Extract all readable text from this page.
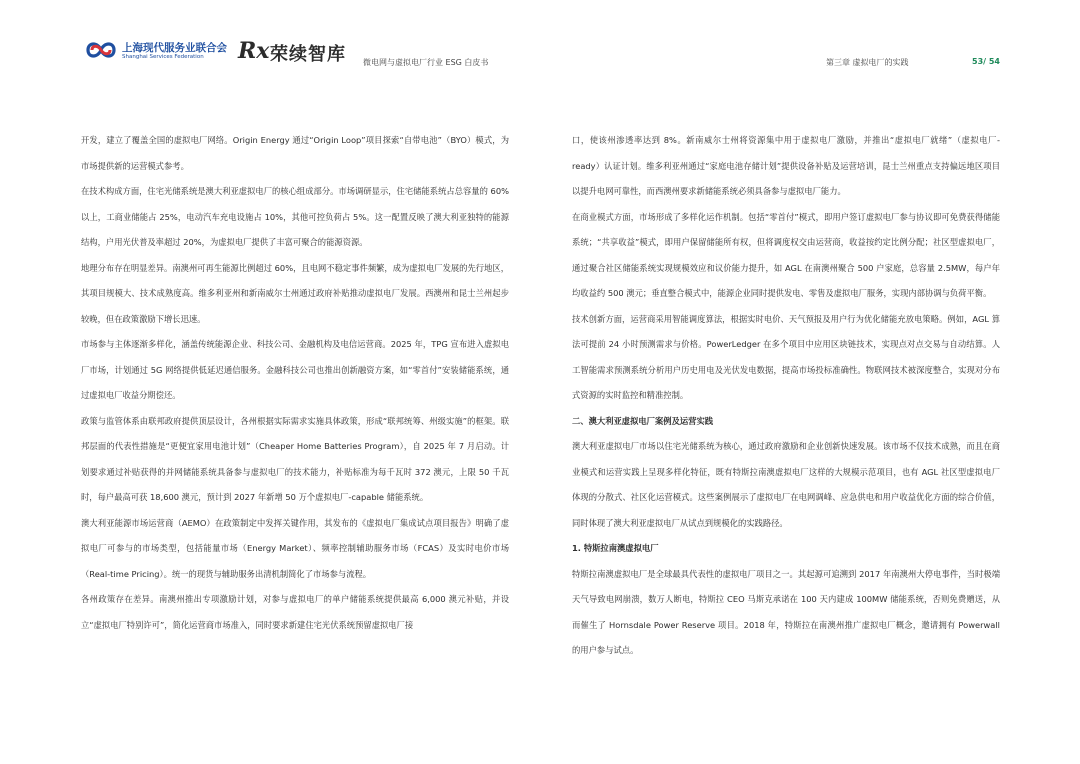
上海现代服务业联合会
Shanghai Services Federation Rx 荣续智库 微电网与虚拟电厂行业 ESG 白皮书	第三章 虚拟电厂的实践	53/ 54

开发，建立了覆盖全国的虚拟电厂网络。Origin Energy 通过“Origin Loop”项目探索“自带电池”（BYO）模式，为市场提供新的运营模式参考。

在技术构成方面，住宅光储系统是澳大利亚虚拟电厂的核心组成部分。市场调研显示，住宅储能系统占总容量的 60%以上，工商业储能占 25%，电动汽车充电设施占 10%，其他可控负荷占 5%。这一配置反映了澳大利亚独特的能源结构，户用光伏普及率超过 20%，为虚拟电厂提供了丰富可聚合的能源资源。

地理分布存在明显差异。南澳州可再生能源比例超过 60%，且电网不稳定事件频繁，成为虚拟电厂发展的先行地区，其项目规模大、技术成熟度高。维多利亚州和新南威尔士州通过政府补贴推动虚拟电厂发展。西澳州和昆士兰州起步较晚，但在政策激励下增长迅速。

市场参与主体逐渐多样化，涵盖传统能源企业、科技公司、金融机构及电信运营商。2025 年，TPG 宣布进入虚拟电厂市场，计划通过 5G 网络提供低延迟通信服务。金融科技公司也推出创新融资方案，如“零首付”安装储能系统，通过虚拟电厂收益分期偿还。

政策与监管体系由联邦政府提供顶层设计，各州根据实际需求实施具体政策，形成“联邦统筹、州级实施”的框架。联邦层面的代表性措施是“更便宜家用电池计划”（Cheaper Home Batteries Program），自 2025 年 7 月启动。计划要求通过补贴获得的并网储能系统具备参与虚拟电厂的技术能力，补贴标准为每千瓦时 372 澳元，上限 50 千瓦时，每户最高可获 18,600 澳元，预计到 2027 年新增 50 万个虚拟电厂-capable 储能系统。

澳大利亚能源市场运营商（AEMO）在政策制定中发挥关键作用，其发布的《虚拟电厂集成试点项目报告》明确了虚拟电厂可参与的市场类型，包括能量市场（Energy Market）、频率控制辅助服务市场（FCAS）及实时电价市场（Real-time Pricing）。统一的现货与辅助服务出清机制简化了市场参与流程。

各州政策存在差异。南澳州推出专项激励计划，对参与虚拟电厂的单户储能系统提供最高 6,000 澳元补贴，并设立“虚拟电厂特别许可”，简化运营商市场准入，同时要求新建住宅光伏系统预留虚拟电厂接

口，使该州渗透率达到 8%。新南威尔士州将资源集中用于虚拟电厂激励，并推出“虚拟电厂就绪”（虚拟电厂-ready）认证计划。维多利亚州通过“家庭电池存储计划”提供设备补贴及运营培训，昆士兰州重点支持偏远地区项目以提升电网可靠性，而西澳州要求新储能系统必须具备参与虚拟电厂能力。

在商业模式方面，市场形成了多样化运作机制。包括“零首付”模式，即用户签订虚拟电厂参与协议即可免费获得储能系统；“共享收益”模式，即用户保留储能所有权，但将调度权交由运营商，收益按约定比例分配；社区型虚拟电厂，通过聚合社区储能系统实现规模效应和议价能力提升，如 AGL 在南澳州聚合 500 户家庭，总容量 2.5MW，每户年均收益约 500 澳元；垂直整合模式中，能源企业同时提供发电、零售及虚拟电厂服务，实现内部协调与负荷平衡。

技术创新方面，运营商采用智能调度算法，根据实时电价、天气预报及用户行为优化储能充放电策略。例如，AGL 算法可提前 24 小时预测需求与价格。PowerLedger 在多个项目中应用区块链技术，实现点对点交易与自动结算。人工智能需求预测系统分析用户历史用电及光伏发电数据，提高市场投标准确性。物联网技术被深度整合，实现对分布式资源的实时监控和精准控制。

二、澳大利亚虚拟电厂案例及运营实践

澳大利亚虚拟电厂市场以住宅光储系统为核心，通过政府激励和企业创新快速发展。该市场不仅技术成熟，而且在商业模式和运营实践上呈现多样化特征，既有特斯拉南澳虚拟电厂这样的大规模示范项目，也有 AGL 社区型虚拟电厂体现的分散式、社区化运营模式。这些案例展示了虚拟电厂在电网调峰、应急供电和用户收益优化方面的综合价值，同时体现了澳大利亚虚拟电厂从试点到规模化的实践路径。

1. 特斯拉南澳虚拟电厂

特斯拉南澳虚拟电厂是全球最具代表性的虚拟电厂项目之一。其起源可追溯到 2017 年南澳州大停电事件，当时极端天气导致电网崩溃，数万人断电，特斯拉 CEO 马斯克承诺在 100 天内建成 100MW 储能系统，否则免费赠送，从而催生了 Hornsdale Power Reserve 项目。2018 年，特斯拉在南澳州推广虚拟电厂概念，邀请拥有 Powerwall 的用户参与试点。
